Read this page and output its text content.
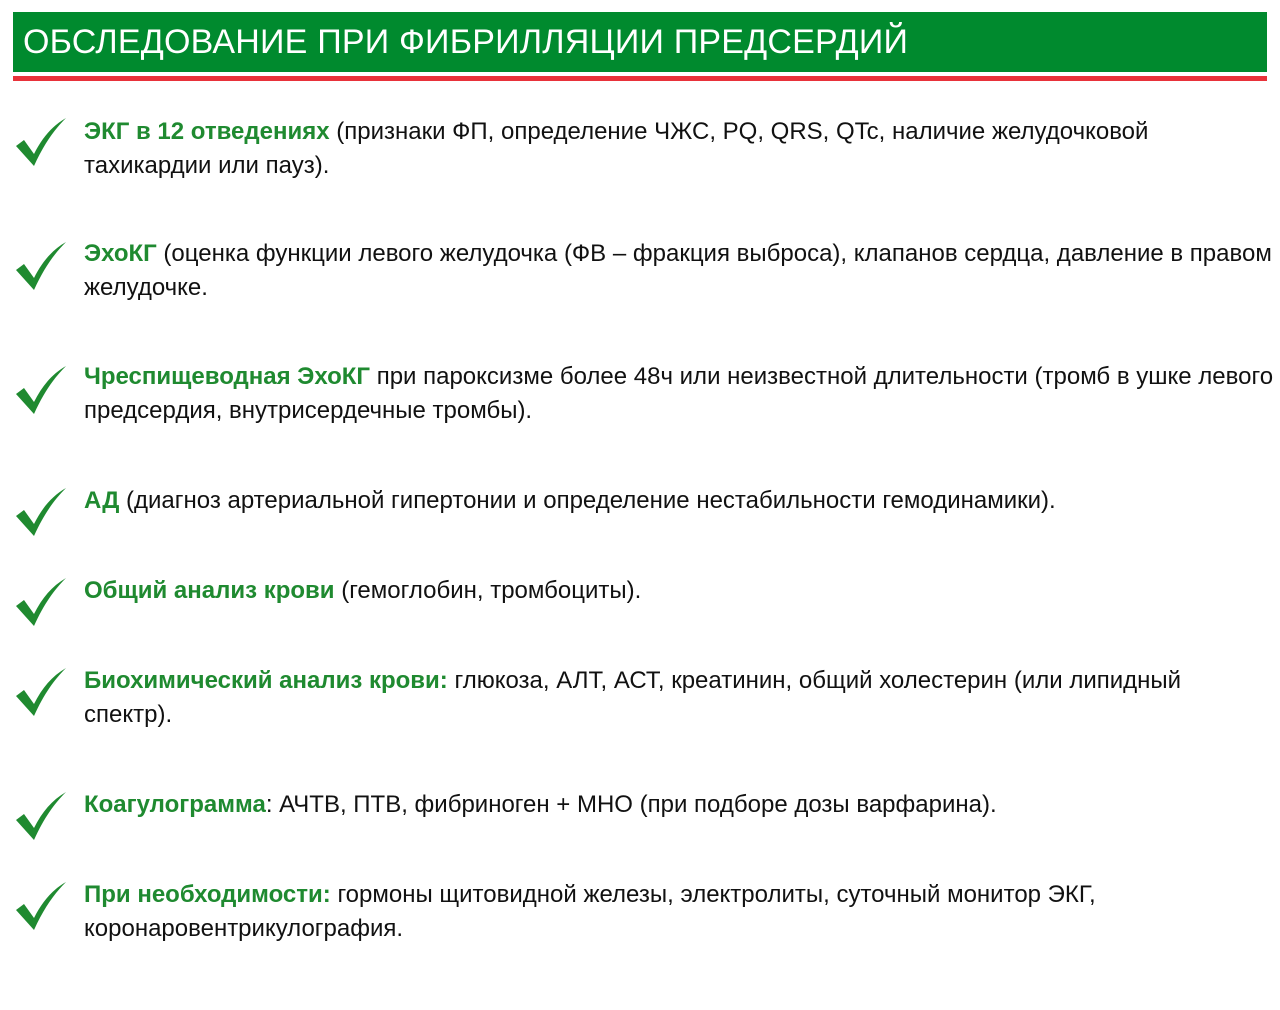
ОБСЛЕДОВАНИЕ ПРИ ФИБРИЛЛЯЦИИ ПРЕДСЕРДИЙ
ЭКГ в 12 отведениях (признаки ФП, определение ЧЖС, PQ, QRS, QTc, наличие желудочковой тахикардии или пауз).
ЭхоКГ (оценка функции левого желудочка (ФВ – фракция выброса), клапанов сердца, давление в правом желудочке.
Чреспищеводная ЭхоКГ при пароксизме более 48ч или неизвестной длительности (тромб в ушке левого предсердия, внутрисердечные тромбы).
АД (диагноз артериальной гипертонии и определение нестабильности гемодинамики).
Общий анализ крови (гемоглобин, тромбоциты).
Биохимический анализ крови: глюкоза, АЛТ, АСТ, креатинин, общий холестерин (или липидный спектр).
Коагулограмма: АЧТВ, ПТВ, фибриноген + МНО (при подборе дозы варфарина).
При необходимости: гормоны щитовидной железы, электролиты, суточный монитор ЭКГ, коронаровентрикулография.
